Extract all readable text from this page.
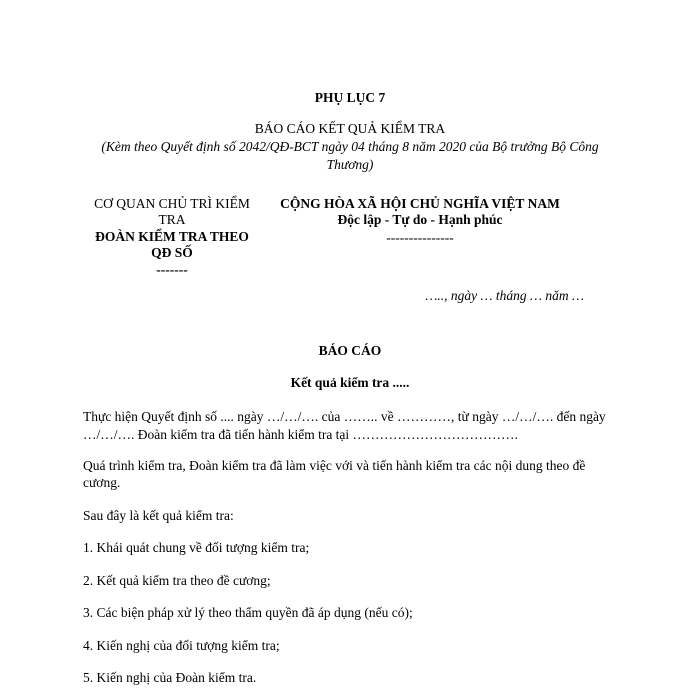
PHỤ LỤC 7
BÁO CÁO KẾT QUẢ KIỂM TRA
(Kèm theo Quyết định số 2042/QĐ-BCT ngày 04 tháng 8 năm 2020 của Bộ trưởng Bộ Công
Thương)
CƠ QUAN CHỦ TRÌ KIỂM
TRA
ĐOÀN KIỂM TRA THEO
QĐ SỐ
-------
CỘNG HÒA XÃ HỘI CHỦ NGHĨA VIỆT NAM
Độc lập - Tự do - Hạnh phúc
---------------
….., ngày … tháng … năm …
BÁO CÁO
Kết quả kiểm tra .....
Thực hiện Quyết định số .... ngày …/…/…. của …….. về …………, từ ngày …/…/…. đến ngày
…/…/…. Đoàn kiểm tra đã tiến hành kiểm tra tại ……………………………….
Quá trình kiểm tra, Đoàn kiểm tra đã làm việc với và tiến hành kiểm tra các nội dung theo đề
cương.
Sau đây là kết quả kiểm tra:
1. Khái quát chung về đối tượng kiểm tra;
2. Kết quả kiểm tra theo đề cương;
3. Các biện pháp xử lý theo thẩm quyền đã áp dụng (nếu có);
4. Kiến nghị của đối tượng kiểm tra;
5. Kiến nghị của Đoàn kiểm tra.
